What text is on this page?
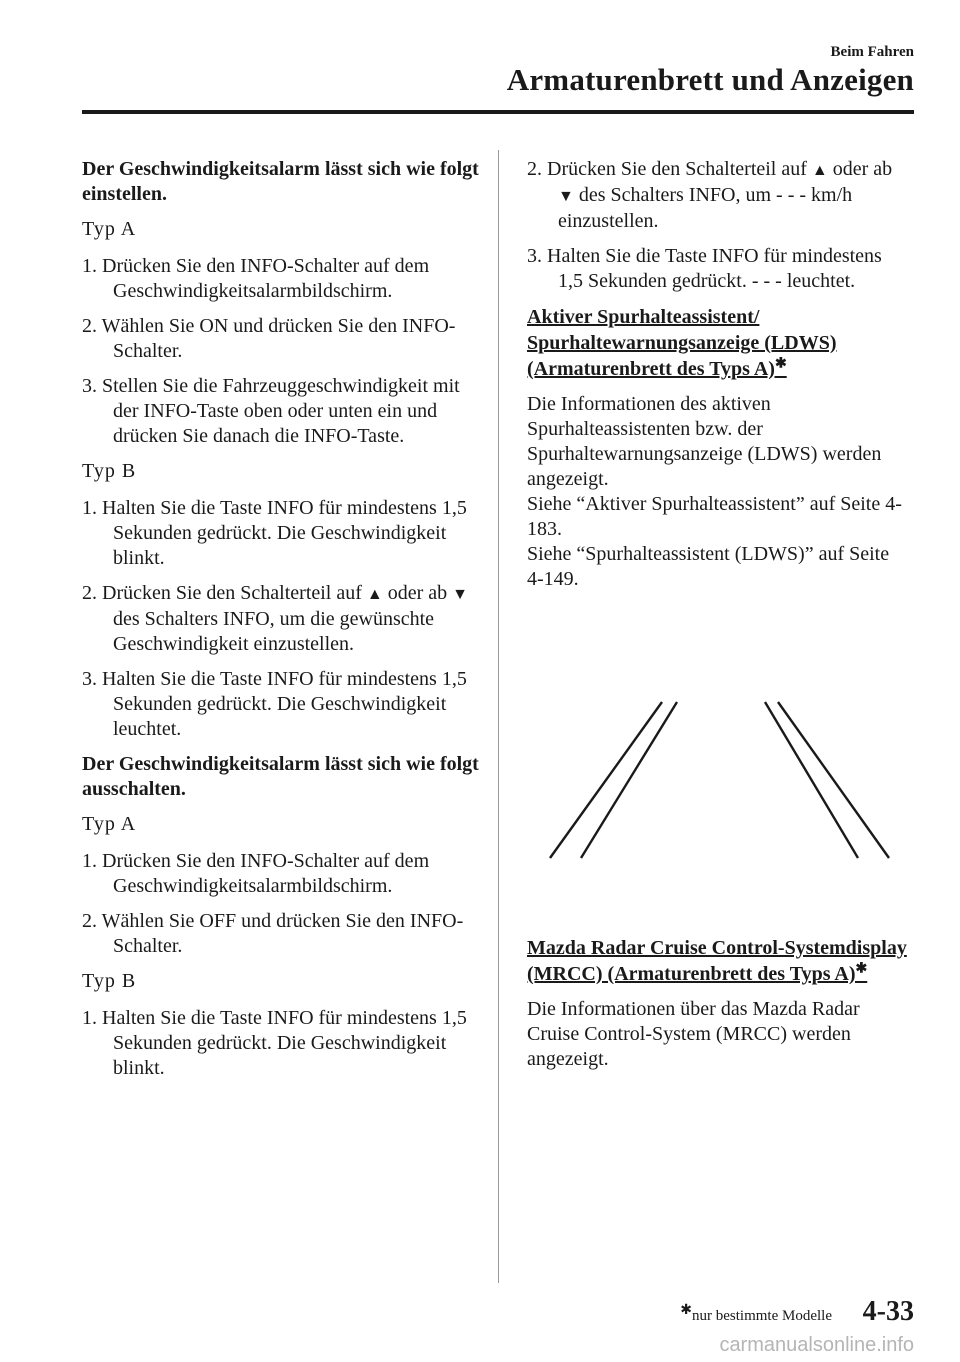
Beim Fahren
Armaturenbrett und Anzeigen

Der Geschwindigkeitsalarm lässt sich wie folgt einstellen.

Typ A

1. Drücken Sie den INFO-Schalter auf dem Geschwindigkeitsalarmbildschirm.
2. Wählen Sie ON und drücken Sie den INFO-Schalter.
3. Stellen Sie die Fahrzeuggeschwindigkeit mit der INFO-Taste oben oder unten ein und drücken Sie danach die INFO-Taste.

Typ B

1. Halten Sie die Taste INFO für mindestens 1,5 Sekunden gedrückt. Die Geschwindigkeit blinkt.
2. Drücken Sie den Schalterteil auf ▲ oder ab ▼ des Schalters INFO, um die gewünschte Geschwindigkeit einzustellen.
3. Halten Sie die Taste INFO für mindestens 1,5 Sekunden gedrückt. Die Geschwindigkeit leuchtet.

Der Geschwindigkeitsalarm lässt sich wie folgt ausschalten.

Typ A

1. Drücken Sie den INFO-Schalter auf dem Geschwindigkeitsalarmbildschirm.
2. Wählen Sie OFF und drücken Sie den INFO-Schalter.

Typ B

1. Halten Sie die Taste INFO für mindestens 1,5 Sekunden gedrückt. Die Geschwindigkeit blinkt.
2. Drücken Sie den Schalterteil auf ▲ oder ab ▼ des Schalters INFO, um - - - km/h einzustellen.
3. Halten Sie die Taste INFO für mindestens 1,5 Sekunden gedrückt. - - - leuchtet.

Aktiver Spurhalteassistent/ Spurhaltewarnungsanzeige (LDWS) (Armaturenbrett des Typs A)✱

Die Informationen des aktiven Spurhalteassistenten bzw. der Spurhaltewarnungsanzeige (LDWS) werden angezeigt.

Siehe “Aktiver Spurhalteassistent” auf Seite 4-183.

Siehe “Spurhalteassistent (LDWS)” auf Seite 4-149.

Mazda Radar Cruise Control-Systemdisplay (MRCC) (Armaturenbrett des Typs A)✱

Die Informationen über das Mazda Radar Cruise Control-System (MRCC) werden angezeigt.

✱nur bestimmte Modelle 4-33
carmanualsonline.info
